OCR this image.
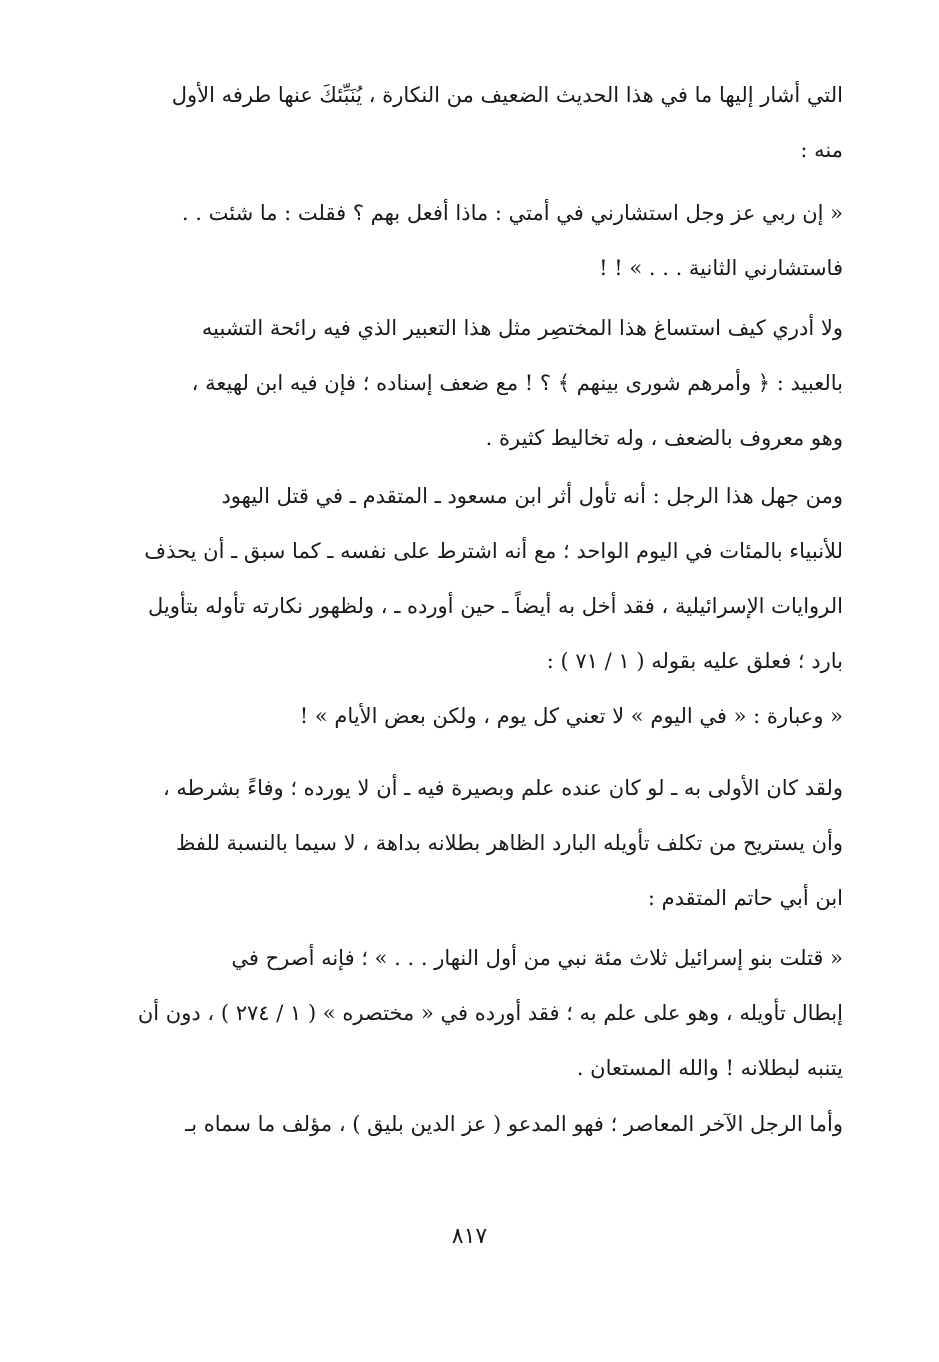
التي أشار إليها ما في هذا الحديث الضعيف من النكارة ، يُنَبِّئكَ عنها طرفه الأول

منه :

« إن ربي عز وجل استشارني في أمتي : ماذا أفعل بهم ؟ فقلت : ما شئت . .

فاستشارني الثانية . . . » ! !

ولا أدري كيف استساغ هذا المختصِر مثل هذا التعبير الذي فيه رائحة التشبيه

بالعبيد : ﴿ وأمرهم شورى بينهم ﴾ ؟ ! مع ضعف إسناده ؛ فإن فيه ابن لهيعة ،

وهو معروف بالضعف ، وله تخاليط كثيرة .

ومن جهل هذا الرجل : أنه تأول أثر ابن مسعود ـ المتقدم ـ في قتل اليهود

للأنبياء بالمئات في اليوم الواحد ؛ مع أنه اشترط على نفسه ـ كما سبق ـ أن يحذف

الروايات الإسرائيلية ، فقد أخل به أيضاً ـ حين أورده ـ ، ولظهور نكارته تأوله بتأويل

بارد ؛ فعلق عليه بقوله ( ١ / ٧١ ) :

« وعبارة : « في اليوم » لا تعني كل يوم ، ولكن بعض الأيام » !

ولقد كان الأولى به ـ لو كان عنده علم وبصيرة فيه ـ أن لا يورده ؛ وفاءً بشرطه ،

وأن يستريح من تكلف تأويله البارد الظاهر بطلانه بداهة ، لا سيما بالنسبة للفظ

ابن أبي حاتم المتقدم :

« قتلت بنو إسرائيل ثلاث مئة نبي من أول النهار . . . » ؛ فإنه أصرح في

إبطال تأويله ، وهو على علم به ؛ فقد أورده في « مختصره » ( ١ / ٢٧٤ ) ، دون أن

يتنبه لبطلانه ! والله المستعان .

وأما الرجل الآخر المعاصر ؛ فهو المدعو ( عز الدين بليق ) ، مؤلف ما سماه بـ

٨١٧
